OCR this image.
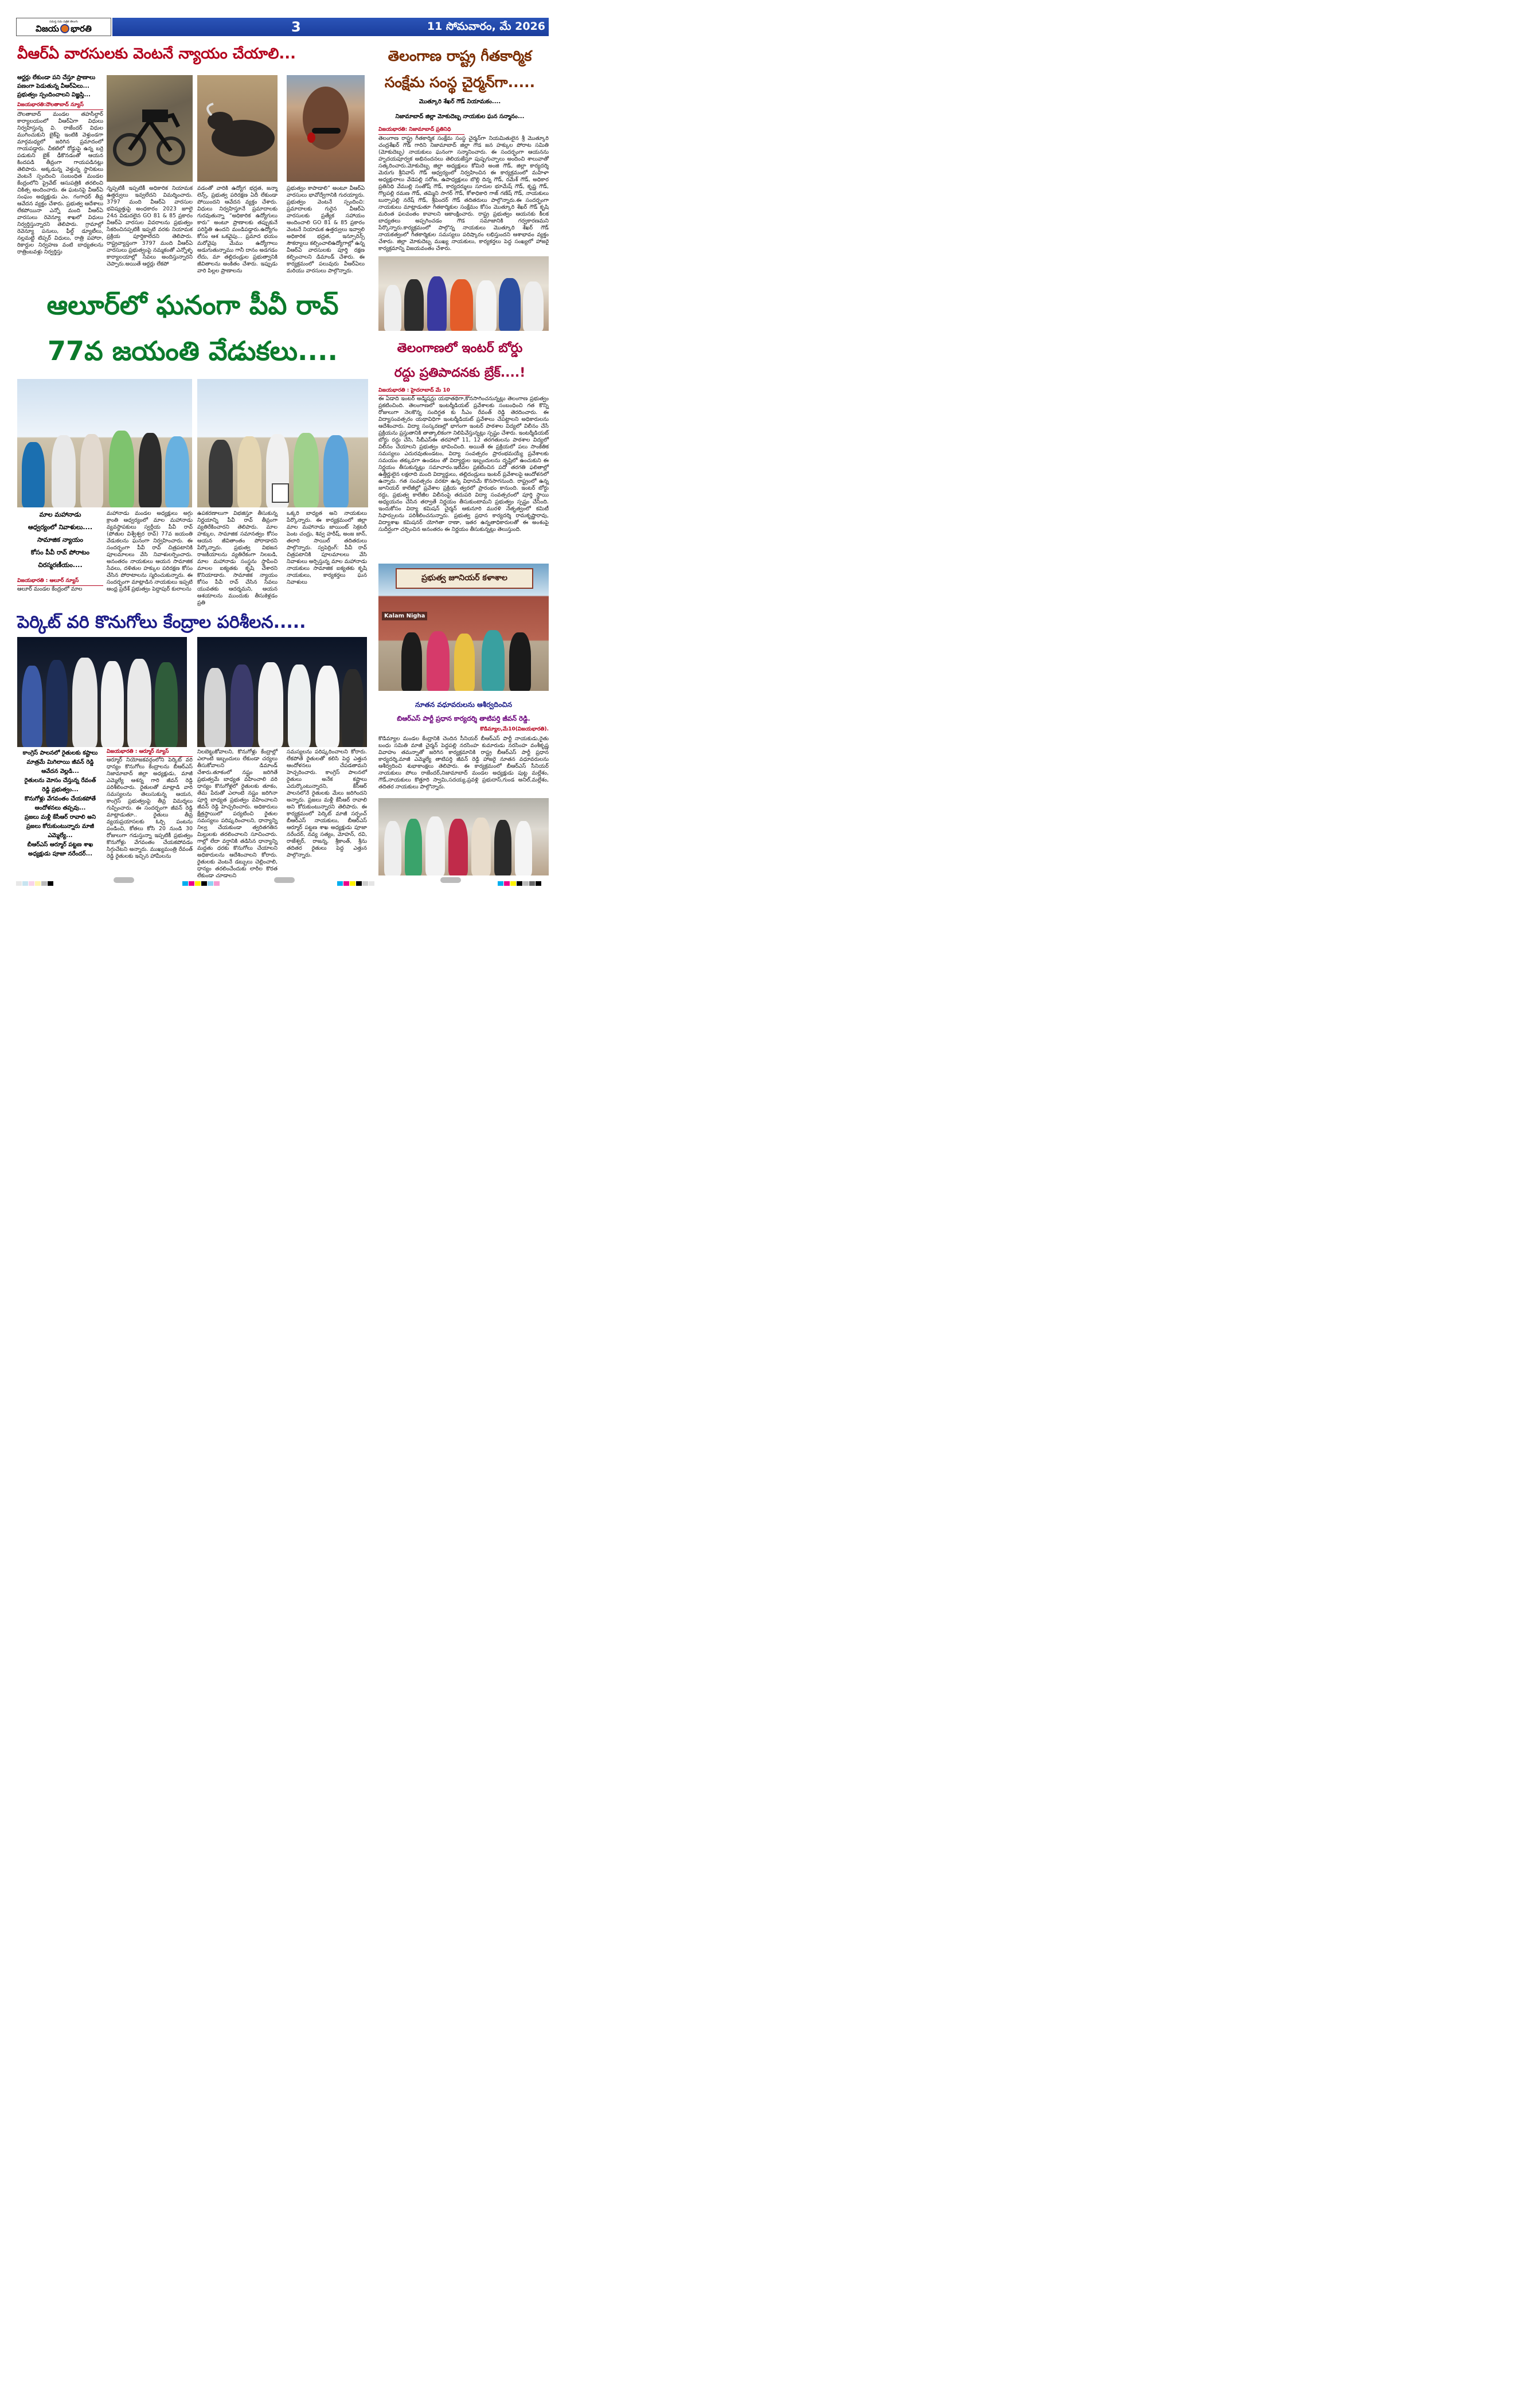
సమస్త సమ పత్రిక తెలుగు
విజయ భారతి	3	11 సోమవారం, మే 2026
వీఆర్ఏ వారసులకు వెంటనే న్యాయం చేయాలి...
ఆర్డర్లు లేకుండా పని చేస్తూ ప్రాణాలు
పణంగా పెడుతున్న వీఆర్ఏలు...
ప్రభుత్వం స్పందించాలని విజ్ఞప్తి...
విజయభారతి:దౌలతాబాద్ న్యూస్
దౌలతాబాద్ మండల తహసీల్దార్ కార్యాలయంలో వీఆర్ఏగా విధులు నిర్వహిస్తున్న వి. రాజేందర్ విధుల ముగించుకుని బైక్‌పై ఇంటికి వెళ్తుండగా మార్గమధ్యలో జరిగిన ప్రమాదంలో గాయపడ్డారు. చీకటిలో రోడ్డుపై ఉన్న బర్రె పడుకుని బైక్ ఢీకొనడంతో ఆయన కిందపడి తీవ్రంగా గాయపడినట్లు తెలిపారు. అక్కడున్న వెళ్తున్న స్థానికులు వెంటనే స్పందించి సంబంధిత మండల కేంద్రంలోని ప్రైవేట్ ఆసుపత్రికి తరలించి చికిత్స అందించారు. ఈ ఘటనపై వీఆర్ఏ సంఘం అధ్యక్షుడు ఎం. గంగాధర్ తీవ్ర ఆవేదన వ్యక్తం చేశారు. ప్రభుత్వ ఆదేశాలు లేకపోయినా ఎన్నో మంది వీఆర్ఏ వారసులు రెవెన్యూ శాఖలో విధులు నిర్వర్తిస్తున్నారని తెలిపారు. గ్రామాల్లో రెవెన్యూ పనులు, ఫీల్డ్ డ్యూటీలు, నల్లమట్టి టిప్పర్ విధులు, రాత్రి పహారా, రికార్డుల నిర్వహణ వంటి బాధ్యతలను రాత్రింబవళ్లు నిర్వర్తిస్తు
న్నప్పటికీ ఇప్పటికీ అధికారిక నియామక ఉత్తర్వులు ఇవ్వలేదని విమర్శించారు. 3797 మంది వీఆర్ఏ వారసుల భవిష్యత్తుపై అంధకారం 2023 జూలై 24న విడుదలైన GO 81 & 85 ప్రకారం వీఆర్ఏ వారసుల వివరాలను ప్రభుత్వం సేకరించినప్పటికీ ఇప్పటి వరకు నియామక ప్రక్రియ పూర్తికాలేదని తెలిపారు. రాష్ట్రవ్యాప్తంగా 3797 మంది వీఆర్ఏ వారసులు ప్రభుత్వంపై నమ్మకంతో ఎన్నోళ్ళ కార్యాలయాల్లో సేవలు అందిస్తున్నారని చెప్పారు.అయితే ఆర్డర్లు లేకపో
వడంతో వారికి ఉద్యోగ భద్రత, జన్మా లెన్స్, ప్రభుత్వ పరిరక్షణ ఏదీ లేకుండా పోయిందని ఆవేదన వ్యక్తం చేశారు. విధులు నిర్వహిస్తూనే ప్రమాదాలకు గురవుతున్నా “అధికారిక ఉద్యోగులు కారు” అంటూ ప్రాణాలకు తప్పుకునే పరిస్థితి ఉందని మండిపడ్డారు.ఉద్యోగం కోసం ఆశ ఒకవైపు... ప్రమాద భయం మరోవైపు మేము ఉద్యోగాలు అడుగుతున్నాము గానీ దానం అడగడం లేదు, మా తల్లిదండ్రుల ప్రభుత్వానికి జీవితాలను అంకితం చేశారు. ఇప్పుడు వారి పిల్లల ప్రాణాలను
ప్రభుత్వం కాపాడాలి” అంటూ వీఆర్ఏ వారసులు భావోద్వేగానికి గురయ్యారు. ప్రభుత్వం వెంటనే స్పందించి: ప్రమాదాలకు గురైన వీఆర్ఏ వారసులకు ప్రత్యేక సహాయం అందించాలి GO 81 & 85 ప్రకారం వెంటనే నియామక ఉత్తర్వులు ఇవ్వాలి అధికారిక భద్రత, ఇన్సూరెన్స్ సౌకర్యాలు కల్పించాలిఉద్యోగాల్లో ఉన్న వీఆర్ఏ వారసులకు పూర్తి రక్షణ కల్పించాలని డిమాండ్ చేశారు. ఈ కార్యక్రమంలో పలువురు వీఆర్ఏలు మరియు వారసులు పాల్గొన్నారు.
తెలంగాణ రాష్ట్ర గీతకార్మిక
సంక్షేమ సంస్థ చైర్మన్‌గా.....
మొత్కూరి శేఖర్ గౌడ్ నియామకం....
నిజామాబాద్ జిల్లా మోకుదెబ్బ నాయకుల ఘన సన్మానం...
విజయభారతి: నిజామాబాద్ ప్రతినిధి
తెలంగాణ రాష్ట్ర గీతకార్మిక సంక్షేమ సంస్థ చైర్మన్‌గా నియమితులైన శ్రీ మొత్కూరి చంద్రశేఖర్ గౌడ్ గారిని నిజామాబాద్ జిల్లా గౌడ జన హక్కుల పోరాట సమితి (మోకుదెబ్బ) నాయకులు ఘనంగా సన్మానించారు. ఈ సందర్భంగా ఆయనను హృదయపూర్వక అభినందనలు తెలియజేస్తూ పుష్పగుచ్ఛాలు అందించి శాలువాతో సత్కరించారు.మోకుదెబ్బ జిల్లా అధ్యక్షులు కోమిరె అంజి గౌడ్, జిల్లా కార్యదర్శి మెరుగు శ్రీనివాస్ గౌడ్ ఆధ్వర్యంలో నిర్వహించిన ఈ కార్యక్రమంలో మహిళా అధ్యక్షురాలు వేడెపల్లి సరోజ, ఉపాధ్యక్షులు బొల్లి దిన్న గౌడ్, రమేశ్ గౌడ్, అధికార ప్రతినిధి వేముల్లి సంతోష్ గౌడ్, కార్యదర్శులు సూదుల భూమేష్ గౌడ్, కృష్ణ గౌడ్, గొల్లపల్లి రమణ గౌడ్, తమ్మిని సాగర్ గౌడ్, కోశాధికారి గాజ్ గణేష్ గౌడ్, నాయకులు బుర్సాపల్లి నరేష్ గౌడ్, శ్రీపెందర్ గౌడ్ తదితరులు పాల్గొన్నారు.ఈ సందర్భంగా నాయకులు మాట్లాడుతూ గీతకార్మికుల సంక్షేమం కోసం మొత్కూరి శేఖర్ గౌడ్ కృషి మరింత ఫలవంతం కావాలని ఆకాంక్షించారు. రాష్ట్ర ప్రభుత్వం ఆయనకు కీలక బాధ్యతలు అప్పగించడం గౌడ సమాజానికి గర్వకారణమని పేర్కొన్నారు.కార్యక్రమంలో పాల్గొన్న నాయకులు మొత్కూరి శేఖర్ గౌడ్ నాయకత్వంలో గీతకార్మికుల సమస్యలు పరిష్కారం లభిస్తుందని ఆశాభావం వ్యక్తం చేశారు. జిల్లా మోకుదెబ్బ ముఖ్య నాయకులు, కార్యకర్తలు పెద్ద సంఖ్యలో హాజరై కార్యక్రమాన్ని విజయవంతం చేశారు.
ఆలూర్‌లో ఘనంగా పీవీ రావ్
77వ జయంతి వేడుకలు....
మాల మహానాడు
ఆధ్వర్యంలో నివాళులు....
సామాజిక న్యాయం
కోసం పీవీ రావ్ పోరాటం
చిరస్మరణీయం....
విజయభారతి : ఆలూర్ న్యూస్
ఆలూర్ మండల కేంద్రంలో మాల
మహానాడు మండల అధ్యక్షులు అగ్గు క్రాంతి ఆధ్వర్యంలో మాల మహానాడు వ్యవస్థాపకులు స్వర్గీయ పీవీ రావ్ (పోతుల విశ్వేశ్వర రావ్) 77వ జయంతి వేడుకలను ఘనంగా నిర్వహించారు. ఈ సందర్భంగా పీవీ రావ్ చిత్రపటానికి పూలమాలలు వేసి నివాళులర్పించారు. అనంతరం నాయకులు ఆయన సామాజిక సేవలు, దళితుల హక్కుల పరిరక్షణ కోసం చేసిన పోరాటాలను స్మరించుకున్నారు. ఈ సందర్భంగా మాట్లాడిన నాయకులు ఇప్పటి ఆంధ్ర ప్రదేశ్ ప్రభుత్వం పెద్దాపుర్ కులాలను
ఉపకరణాలుగా విభజిస్తూ తీసుకున్న నిర్ణయాన్ని పీవీ రావ్ తీవ్రంగా వ్యతిరేకించారని తెలిపారు. మాల హక్కుల, సామాజిక సమానత్వం కోసం ఆయన జీవితాంతం పోరాడారని పేర్కొన్నారు. ప్రభుత్వ విభజన రాజకీయాలను వ్యతిరేకంగా నిలబడి, మాల మహానాడు సంస్థను స్థాపించి మాలల ఐక్యతకు కృషి చేశారని కొనియాడారు. సామాజిక న్యాయం కోసం పీవీ రావ్ చేసిన సేవలు యువతకు ఆదర్శమని, ఆయన ఆశయాలను ముందుకు తీసుకెళ్లడం ప్రతి
ఒక్కరి బాధ్యత అని నాయకులు పేర్కొన్నారు. ఈ కార్యక్రమంలో జిల్లా మాల మహానాడు జాయింట్ సెక్రటరీ పెంట చంద్రు, శివ్వ హరీష్, అంజ జాన్, తలారి సాయిల్ తదితరులు పాల్గొన్నారు. స్వపెర్రింగ్: పీవీ రావ్ చిత్రపటానికి పూలమాలలు వేసి నివాళులు అర్పిస్తున్న మాల మహానాడు నాయకులు సామాజిక ఐక్యతకు కృషి నాయకులు, కార్యకర్తలు ఘన నివాళులు
తెలంగాణలో ఇంటర్ బోర్డు
రద్దు ప్రతిపాదనకు బ్రేక్....!
విజయభారతి : హైదరాబాద్ మే 10
ఈ ఏడాది ఇంటర్ అడ్మిషన్లు యథాతథిగా,కొనసాగించనున్నట్లు తెలంగాణ ప్రభుత్వం ప్రకటించింది. తెలంగాణలో ఇంటర్మీడియట్ ప్రవేశాలకు సంబంధించి గత కొన్ని రోజులుగా నెలకొన్న సందిగ్ధత కు సీఎం రేవంత్ రెడ్డి తెరదించారు. ఈ విద్యాసంవత్సరం యథావిధిగా ఇంటర్మీడియట్ ప్రవేశాలు చేపట్టాలని అధికారులను ఆదేశించారు. విద్యా సంస్కరణల్లో భాగంగా ఇంటర్ పాఠశాల విద్యలో విలీనం చేసే ప్రక్రియను ప్రస్తుతానికి తాత్కాలికంగా నిలిపివేస్తున్నట్లు స్పష్టం చేశారు. ఇంటర్మీడియట్ బోర్డు రద్దు చేసి, సీబీఎస్ఈ తరహాలో 11, 12 తరగతులను పాఠశాల విద్యలో విలీనం చేయాలని ప్రభుత్వం భావించింది. అయితే ఈ ప్రక్రియలో పలు సాంకేతిక సమస్యలు ఎదురవుతుండటం, విద్యా సంవత్సరం ప్రారంభమయ్యే ప్రవేశాలకు సమయం తక్కువగా ఉండటం తో విద్యార్థుల ఇబ్బందులను దృష్టిలో ఉంచుకుని ఈ నిర్ణయం తీసుకున్నట్లు సమాచారం.ఇటీవల ప్రకటించిన పదో తరగతి ఫలితాల్లో ఉత్తీర్ణులైన లక్షలాది మంది విద్యార్థులు, తల్లిదండ్రులు ఇంటర్ ప్రవేశాలపై ఆందోళనలో ఉన్నారు. గత సంవత్సరం వరకూ ఉన్న విధానమే కొనసాగనుంది. రాష్ట్రంలో ఉన్న జూనియర్ కాలేజీల్లో ప్రవేశాల ప్రక్రియ త్వరలో ప్రారంభం కానుంది. ఇంటర్ బోర్డు రద్దు, ప్రభుత్వ కాలేజీల విలీనంపై తదుపరి విద్యా సంవత్సరంలో పూర్తి స్థాయి అధ్యయనం చేసిన తర్వాతే నిర్ణయం తీసుకుంటామని ప్రభుత్వం స్పష్టం చేసింది. ఇందుకోసం విద్యా కమిషన్ చైర్మన్ ఆకునూరి మురళి నేతృత్వంలో కమిటీ సిఫార్సులను పరిశీలించనున్నారు. ప్రభుత్వ ప్రధాన కార్యదర్శి రామకృష్ణారావు, విద్యాశాఖ కమిషనర్ యోగితా రాణా, ఇతర ఉన్నతాధికారులతో ఈ అంశంపై సుదీర్ఘంగా చర్చించిన అనంతరం ఈ నిర్ణయం తీసుకున్నట్లు తెలుస్తుంది.
ప్రభుత్వ జూనియర్ కళాశాల
Kalam Nigha
నూతన వధూవరులను ఆశీర్వదించిన
బిఆర్ఎస్ పార్టీ ప్రధాన కార్యదర్శి తాటిపర్తి జీవన్ రెడ్డి.
కొడిమ్యాల,మే10(విజయభారతి).
కొడిమ్యాల మండల కేంద్రానికి చెందిన సీనియర్ బీఆర్ఎస్ పార్టీ నాయకుడు,రైతు బంధు సమితి మాజీ చైర్మన్ పెద్దపల్లి నరసింహ కుమారుడు నరసింహ వంశీకృష్ణ వివాహం తమన్నాతో జరిగిన కార్యక్రమానికి రాష్ట్ర బీఆర్ఎస్ పార్టీ ప్రధాన కార్యదర్శి,మాజీ ఎమ్మెల్యే తాటిపర్తి జీవన్ రెడ్డి హాజరై నూతన వధూవరులను ఆశీర్వదించి శుభాకాంక్షలు తెలిపారు. ఈ కార్యక్రమంలో బీఆర్ఎస్ సీనియర్ నాయకులు పోలు రాజేందర్,నిజామాబాద్ మండల అధ్యక్షుడు పుట్ట మల్లేశం, గౌడ్,నాయకులు కొత్తూరి స్వామి,సదయ్య,ప్రవళ్లి ప్రభుదాస్,గుండ అనిల్,మల్లేశం, తదితర నాయకులు పాల్గొన్నారు.
పెర్కిట్ వరి కొనుగోలు కేంద్రాల పరిశీలన.....
కాంగ్రెస్ పాలనలో రైతులకు కష్టాలు
మాత్రమే మిగిలాయి జీవన్ రెడ్డి
ఆవేదన వెల్లడి...
రైతులను మోసం చేస్తున్న రేవంత్
రెడ్డి ప్రభుత్వం...
కొనుగోళ్లు వేగవంతం చేయకపోతే
ఆందోళనలు తప్పవు...
ప్రజలు మళ్లీ కేసీఆర్ రావాలి అని
ప్రజలు కోరుకుంటున్నారు మాజీ
ఎమ్మెల్యే...
బీఆర్ఎస్ ఆర్మూర్ పట్టణ శాఖ
అధ్యక్షుడు పూజా నరేందర్...
విజయభారతి : ఆర్మూర్ న్యూస్
ఆర్మూర్ నియోజకవర్గంలోని పెర్కిట్ వరి ధాన్యం కొనుగోలు కేంద్రాలను బీఆర్ఎస్ నిజామాబాద్ జిల్లా అధ్యక్షుడు, మాజీ ఎమ్మెల్యే ఆశన్న గారి జీవన్ రెడ్డి పరిశీలించారు. రైతులతో మాట్లాడి వారి సమస్యలను తెలుసుకున్న ఆయన, కాంగ్రెస్ ప్రభుత్వంపై తీవ్ర విమర్శలు గుప్పించారు. ఈ సందర్భంగా జీవన్ రెడ్డి మాట్లాడుతూ.. రైతులు తీవ్ర వ్యయప్రయాసలకు ఓర్చి పంటను పండించి, కోతలు కోసి 20 నుండి 30 రోజులుగా గడుస్తున్నా ఇప్పటికీ ప్రభుత్వం కొనుగోళ్లు వేగవంతం చేయకపోవడం సిగ్గుచేటని అన్నారు. ముఖ్యమంత్రి రేవంత్ రెడ్డి రైతులకు ఇచ్చిన హామీలను
నిలబెట్టుకోవాలని, కొనుగోళ్లు కేంద్రాల్లో ఎలాంటి ఇబ్బందులు లేకుండా చర్యలు తీసుకోవాలని డిమాండ్ చేశారు.తూకంలో నష్టం జరిగితే ప్రభుత్వమే బాధ్యత వహించాలి వరి ధాన్యం కొనుగోళ్లలో రైతులకు తూకం, తేమ పేరుతో ఎలాంటి నష్టం జరిగినా పూర్తి బాధ్యత ప్రభుత్వం వహించాలని జీవన్ రెడ్డి హెచ్చరించారు. అధికారులు క్షేత్రస్థాయిలో పర్యటించి రైతుల సమస్యలు పరిష్కరించాలని, ధాన్యాన్ని నిల్వ చేయకుండా త్వరితగతిన మిల్లులకు తరలించాలని సూచించారు. గాల్లో లేదా వర్షానికి తడిసిన ధాన్యాన్ని మద్దతు ధరకు కొనుగోలు చేయాలని అధికారులను ఆదేశించాలని కోరారు. రైతులకు వెంటనే డబ్బులు చెల్లించాలి, ధాన్యం తరలించేందుకు లారీల కొరత లేకుండా చూడాలని
సమస్యలను పరిష్కరించాలని కోరారు. లేకపోతే రైతులతో కలిసి పెద్ద ఎత్తున ఆందోళనలు చేపడతామని హెచ్చరించారు. కాంగ్రెస్ పాలనలో రైతులు అనేక కష్టాలు ఎదుర్కొంటున్నారని, కేసీఆర్ పాలనలోనే రైతులకు మేలు జరిగిందని అన్నారు. ప్రజలు మళ్లీ కేసీఆర్ రావాలి అని కోరుకుంటున్నారని తెలిపారు. ఈ కార్యక్రమంలో పెర్కిట్ మాజీ సర్పంచ్ బీఆర్ఎస్ నాయకులు, బీఆర్ఎస్ ఆర్మూర్ పట్టణ శాఖ అధ్యక్షుడు పూజా నరేందర్, నవ్య సత్యం, మోహన్, రవి, రాజేశ్వర్, రాజన్న, శ్రీకాంత్, శ్రీను తదితర రైతులు పెద్ద ఎత్తున పాల్గొన్నారు.
